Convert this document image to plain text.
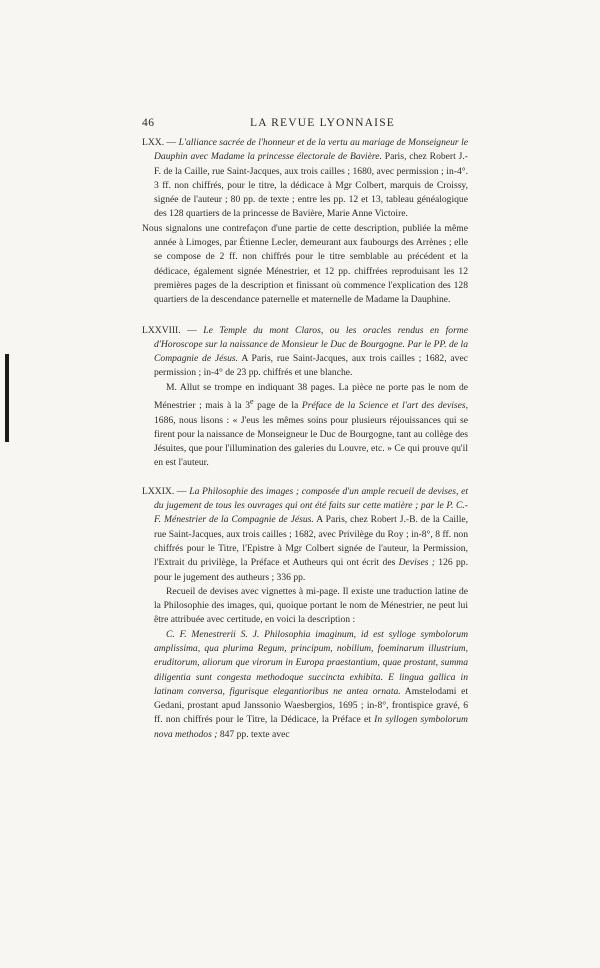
46	LA REVUE LYONNAISE

LXX. — L'alliance sacrée de l'honneur et de la vertu au mariage de Monseigneur le Dauphin avec Madame la princesse électorale de Bavière. Paris, chez Robert J.-F. de la Caille, rue Saint-Jacques, aux trois cailles ; 1680, avec permission ; in-4°. 3 ff. non chiffrés, pour le titre, la dédicace à Mgr Colbert, marquis de Croissy, signée de l'auteur ; 80 pp. de texte ; entre les pp. 12 et 13, tableau généalogique des 128 quartiers de la princesse de Bavière, Marie Anne Victoire.

Nous signalons une contrefaçon d'une partie de cette description, publiée la même année à Limoges, par Étienne Lecler, demeurant aux faubourgs des Arrènes ; elle se compose de 2 ff. non chiffrés pour le titre semblable au précédent et la dédicace, également signée Ménestrier, et 12 pp. chiffrées reproduisant les 12 premières pages de la description et finissant où commence l'explication des 128 quartiers de la descendance paternelle et maternelle de Madame la Dauphine.

LXXVIII. — Le Temple du mont Claros, ou les oracles rendus en forme d'Horoscope sur la naissance de Monsieur le Duc de Bourgogne. Par le PP. de la Compagnie de Jésus. A Paris, rue Saint-Jacques, aux trois cailles ; 1682, avec permission ; in-4° de 23 pp. chiffrés et une blanche.

M. Allut se trompe en indiquant 38 pages. La pièce ne porte pas le nom de Ménestrier ; mais à la 3e page de la Préface de la Science et l'art des devises, 1686, nous lisons : « J'eus les mêmes soins pour plusieurs réjouissances qui se firent pour la naissance de Monseigneur le Duc de Bourgogne, tant au collège des Jésuites, que pour l'illumination des galeries du Louvre, etc. » Ce qui prouve qu'il en est l'auteur.

LXXIX. — La Philosophie des images ; composée d'un ample recueil de devises, et du jugement de tous les ouvrages qui ont été faits sur cette matière ; par le P. C.-F. Ménestrier de la Compagnie de Jésus. A Paris, chez Robert J.-B. de la Caille, rue Saint-Jacques, aux trois cailles ; 1682, avec Privilège du Roy ; in-8°, 8 ff. non chiffrés pour le Titre, l'Epistre à Mgr Colbert signée de l'auteur, la Permission, l'Extrait du privilège, la Préface et Autheurs qui ont écrit des Devises ; 126 pp. pour le jugement des autheurs ; 336 pp.

Recueil de devises avec vignettes à mi-page. Il existe une traduction latine de la Philosophie des images, qui, quoique portant le nom de Ménestrier, ne peut lui être attribuée avec certitude, en voici la description :

C. F. Menestrerii S. J. Philosophia imaginum, id est sylloge symbolorum amplissima, qua plurima Regum, principum, nobilium, foeminarum illustrium, eruditorum, aliorum que virorum in Europa praestantium, quae prostant, summa diligentia sunt congesta methodoque succincta exhibita. E lingua gallica in latinam conversa, figurisque elegantioribus ne antea ornata. Amstelodami et Gedani, prostant apud Janssonio Waesbergios, 1695 ; in-8°, frontispice gravé, 6 ff. non chiffrés pour le Titre, la Dédicace, la Préface et In syllogen symbolorum nova methodos ; 847 pp. texte avec
